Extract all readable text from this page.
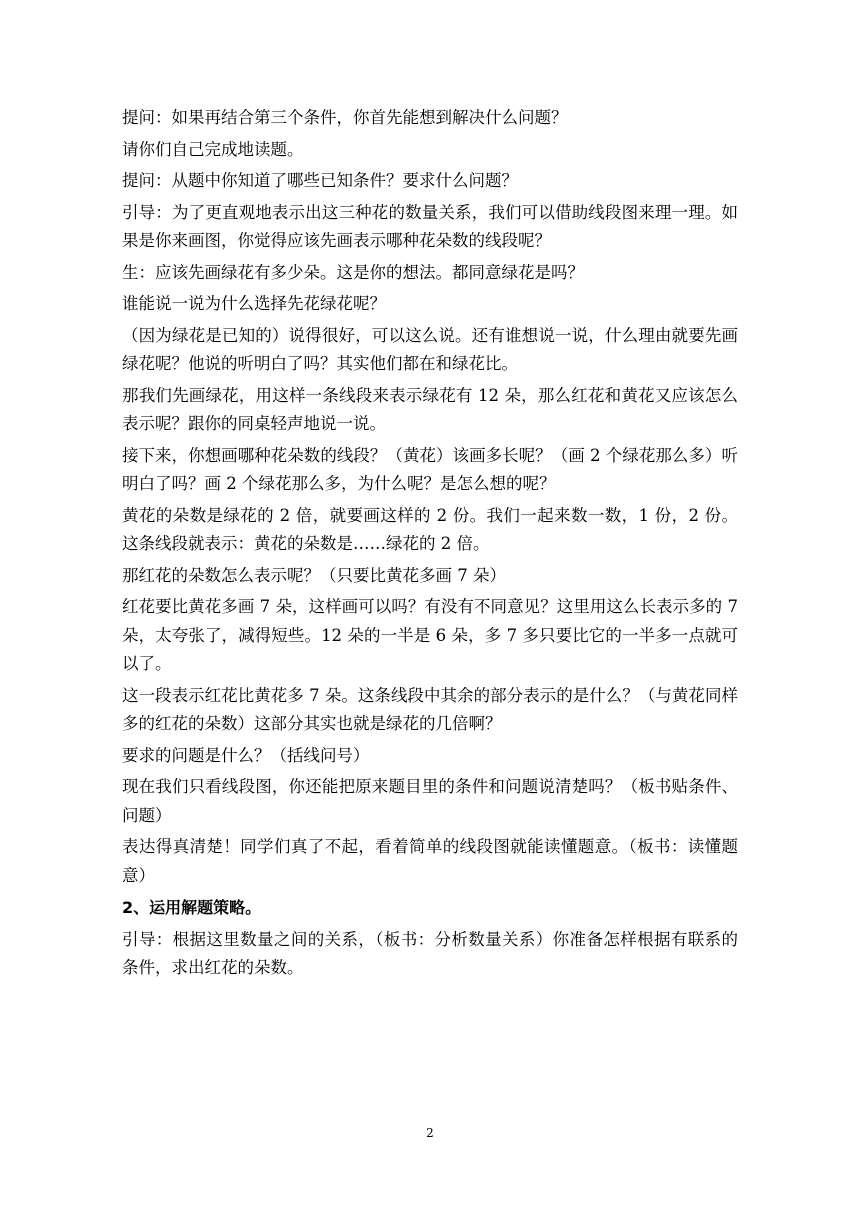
提问：如果再结合第三个条件，你首先能想到解决什么问题？

请你们自己完成地读题。

提问：从题中你知道了哪些已知条件？要求什么问题？

引导：为了更直观地表示出这三种花的数量关系，我们可以借助线段图来理一理。如果是你来画图，你觉得应该先画表示哪种花朵数的线段呢？

生：应该先画绿花有多少朵。这是你的想法。都同意绿花是吗？

谁能说一说为什么选择先花绿花呢？

（因为绿花是已知的）说得很好，可以这么说。还有谁想说一说，什么理由就要先画绿花呢？他说的听明白了吗？其实他们都在和绿花比。

那我们先画绿花，用这样一条线段来表示绿花有 12 朵，那么红花和黄花又应该怎么表示呢？跟你的同桌轻声地说一说。

接下来，你想画哪种花朵数的线段？（黄花）该画多长呢？（画 2 个绿花那么多）听明白了吗？画 2 个绿花那么多，为什么呢？是怎么想的呢？

黄花的朵数是绿花的 2 倍，就要画这样的 2 份。我们一起来数一数，1 份，2 份。这条线段就表示：黄花的朵数是……绿花的 2 倍。

那红花的朵数怎么表示呢？（只要比黄花多画 7 朵）

红花要比黄花多画 7 朵，这样画可以吗？有没有不同意见？这里用这么长表示多的 7 朵，太夸张了，减得短些。12 朵的一半是 6 朵，多 7 多只要比它的一半多一点就可以了。

这一段表示红花比黄花多 7 朵。这条线段中其余的部分表示的是什么？（与黄花同样多的红花的朵数）这部分其实也就是绿花的几倍啊？

要求的问题是什么？（括线问号）

现在我们只看线段图，你还能把原来题目里的条件和问题说清楚吗？（板书贴条件、问题）

表达得真清楚！同学们真了不起，看着简单的线段图就能读懂题意。（板书：读懂题意）

2、运用解题策略。

引导：根据这里数量之间的关系，（板书：分析数量关系）你准备怎样根据有联系的条件，求出红花的朵数。

2
